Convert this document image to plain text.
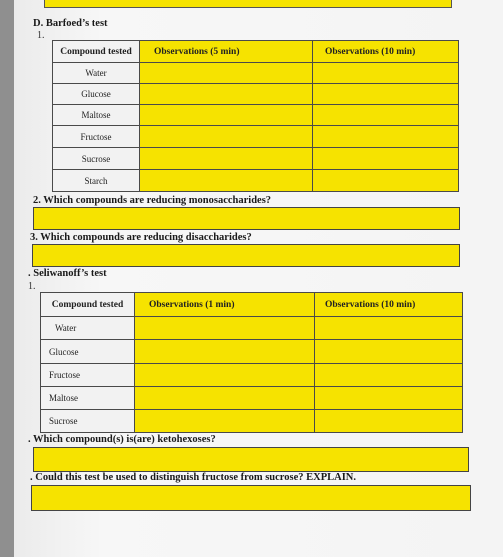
D. Barfoed’s test
1.
Compound tested	Observations (5 min)	Observations (10 min)
Water		
Glucose		
Maltose		
Fructose		
Sucrose		
Starch		
2. Which compounds are reducing monosaccharides?
3. Which compounds are reducing disaccharides?
. Seliwanoff’s test
1.
Compound tested	Observations (1 min)	Observations (10 min)
Water		
Glucose		
Fructose		
Maltose		
Sucrose		
. Which compound(s) is(are) ketohexoses?
. Could this test be used to distinguish fructose from sucrose? EXPLAIN.
